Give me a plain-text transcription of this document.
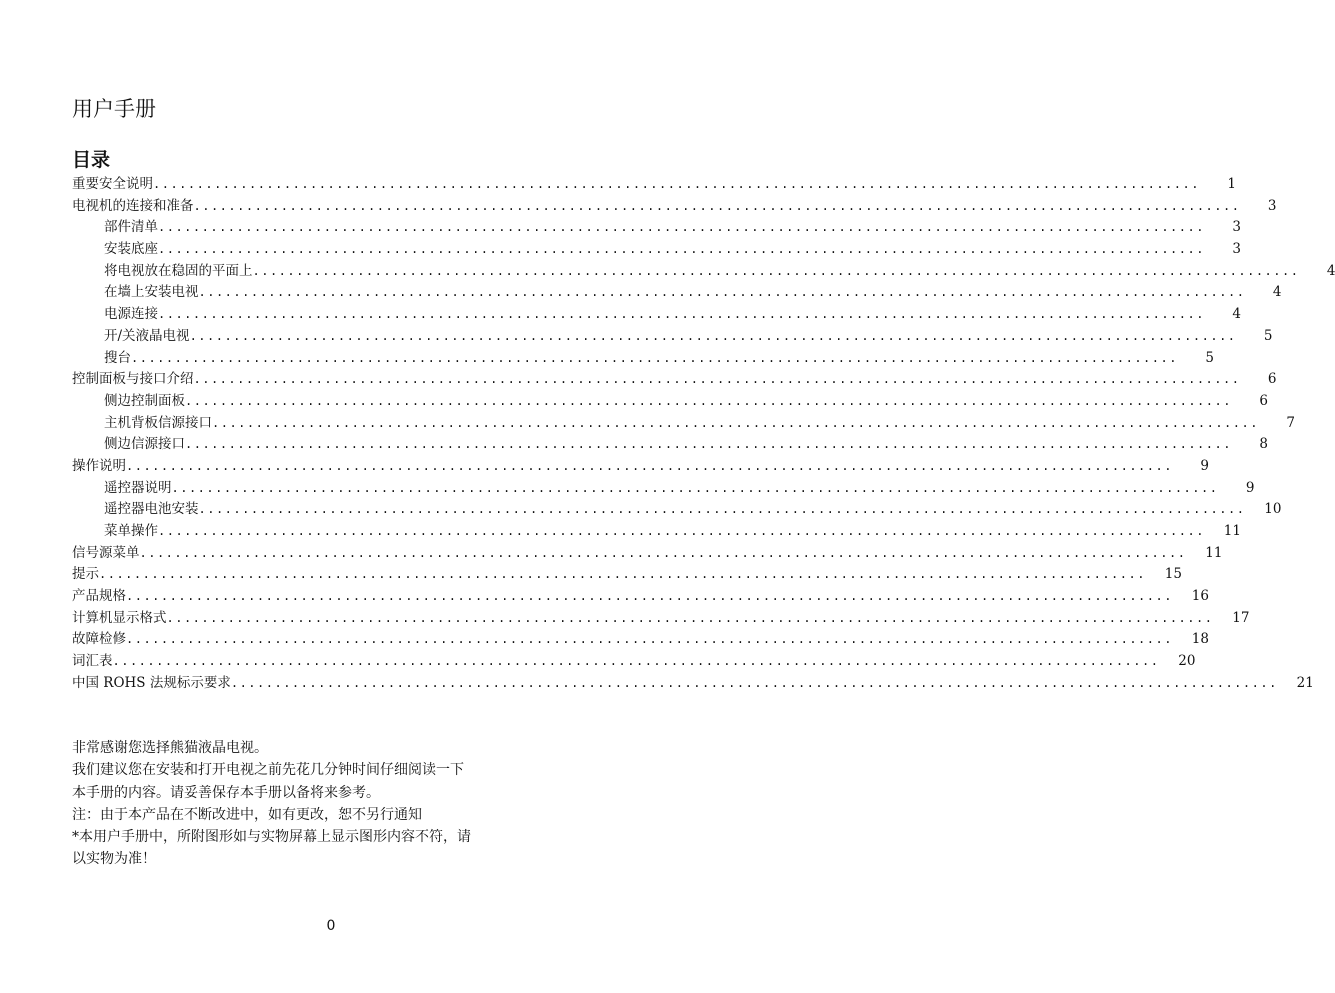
用户手册
目录
重要安全说明 ........................................................................................................................	1
电视机的连接和准备 ........................................................................................................................	3
部件清单 ........................................................................................................................	3
安装底座 ........................................................................................................................	3
将电视放在稳固的平面上 ........................................................................................................................	4
在墙上安装电视 ........................................................................................................................	4
电源连接 ........................................................................................................................	4
开/关液晶电视 ........................................................................................................................	5
搜台 ........................................................................................................................	5
控制面板与接口介绍 ........................................................................................................................	6
侧边控制面板 ........................................................................................................................	6
主机背板信源接口 ........................................................................................................................	7
侧边信源接口 ........................................................................................................................	8
操作说明 ........................................................................................................................	9
遥控器说明 ........................................................................................................................	9
遥控器电池安装 ........................................................................................................................	10
菜单操作 ........................................................................................................................	11
信号源菜单 ........................................................................................................................	11
提示 ........................................................................................................................	15
产品规格 ........................................................................................................................	16
计算机显示格式 ........................................................................................................................	17
故障检修 ........................................................................................................................	18
词汇表 ........................................................................................................................	20
中国 ROHS 法规标示要求 ........................................................................................................................	21

非常感谢您选择熊猫液晶电视。

我们建议您在安装和打开电视之前先花几分钟时间仔细阅读一下

本手册的内容。请妥善保存本手册以备将来参考。

注：由于本产品在不断改进中，如有更改，恕不另行通知

*本用户手册中，所附图形如与实物屏幕上显示图形内容不符，请

以实物为准！

0
